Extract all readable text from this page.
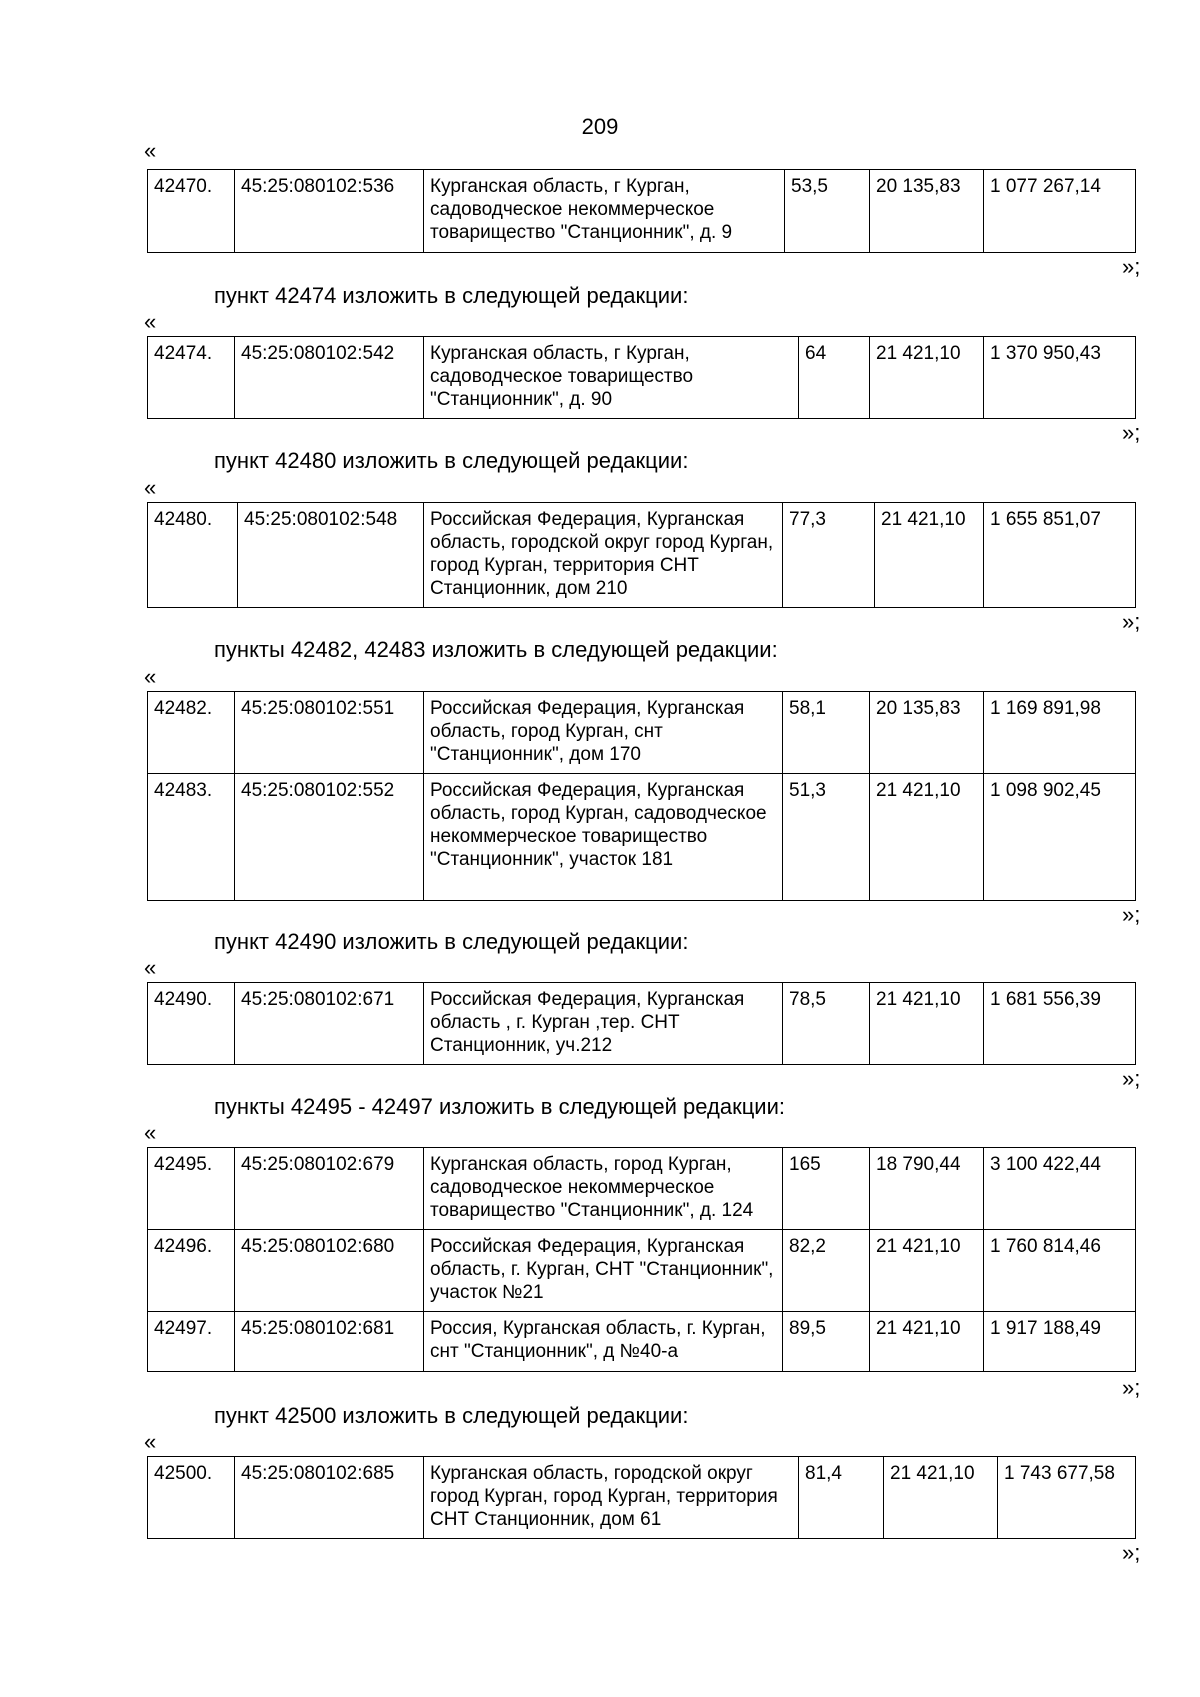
209
«
42470.	45:25:080102:536	Курганская область, г Курган, садоводческое некоммерческое товарищество "Станционник", д. 9	53,5	20 135,83	1 077 267,14
»;
пункт 42474 изложить в следующей редакции:
«
42474.	45:25:080102:542	Курганская область, г Курган, садоводческое товарищество "Станционник", д. 90	64	21 421,10	1 370 950,43
»;
пункт 42480 изложить в следующей редакции:
«
42480.	45:25:080102:548	Российская Федерация, Курганская область, городской округ город Курган, город Курган, территория СНТ Станционник, дом 210	77,3	21 421,10	1 655 851,07
»;
пункты 42482, 42483 изложить в следующей редакции:
«
42482.	45:25:080102:551	Российская Федерация, Курганская область, город Курган, снт "Станционник", дом 170	58,1	20 135,83	1 169 891,98
42483.	45:25:080102:552	Российская Федерация, Курганская область, город Курган, садоводческое некоммерческое товарищество "Станционник", участок 181	51,3	21 421,10	1 098 902,45
»;
пункт 42490 изложить в следующей редакции:
«
42490.	45:25:080102:671	Российская Федерация, Курганская область , г. Курган ,тер. СНТ Станционник, уч.212	78,5	21 421,10	1 681 556,39
»;
пункты 42495 - 42497 изложить в следующей редакции:
«
42495.	45:25:080102:679	Курганская область, город Курган, садоводческое некоммерческое товарищество "Станционник", д. 124	165	18 790,44	3 100 422,44
42496.	45:25:080102:680	Российская Федерация, Курганская область, г. Курган, СНТ "Станционник", участок №21	82,2	21 421,10	1 760 814,46
42497.	45:25:080102:681	Россия, Курганская область, г. Курган, снт "Станционник", д №40-а	89,5	21 421,10	1 917 188,49
»;
пункт 42500 изложить в следующей редакции:
«
42500.	45:25:080102:685	Курганская область, городской округ город Курган, город Курган, территория СНТ Станционник, дом 61	81,4	21 421,10	1 743 677,58
»;
